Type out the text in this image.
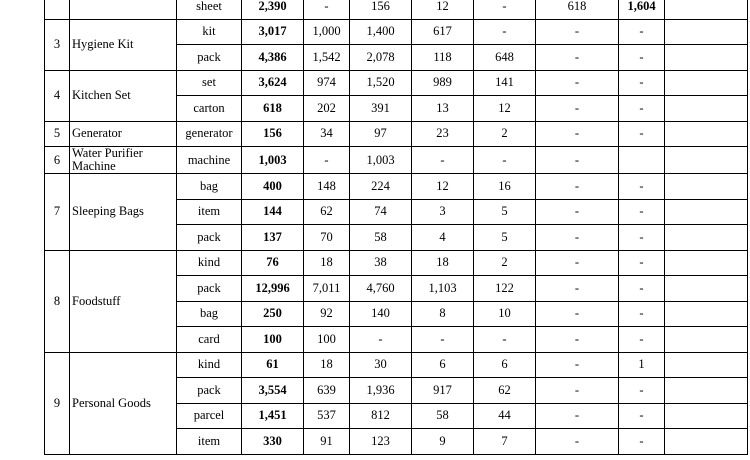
		sheet	2,390	-	156	12	-	618	1,604	
3	Hygiene Kit	kit	3,017	1,000	1,400	617	-	-	-	
		pack	4,386	1,542	2,078	118	648	-	-	
4	Kitchen Set	set	3,624	974	1,520	989	141	-	-	
		carton	618	202	391	13	12	-	-	
5	Generator	generator	156	34	97	23	2	-	-	
6	Water Purifier Machine	machine	1,003	-	1,003	-	-	-		
7	Sleeping Bags	bag	400	148	224	12	16	-	-	
		item	144	62	74	3	5	-	-	
		pack	137	70	58	4	5	-	-	
8	Foodstuff	kind	76	18	38	18	2	-	-	
		pack	12,996	7,011	4,760	1,103	122	-	-	
		bag	250	92	140	8	10	-	-	
		card	100	100	-	-	-	-	-	
9	Personal Goods	kind	61	18	30	6	6	-	1	
		pack	3,554	639	1,936	917	62	-	-	
		parcel	1,451	537	812	58	44	-	-	
		item	330	91	123	9	7	-	-	
